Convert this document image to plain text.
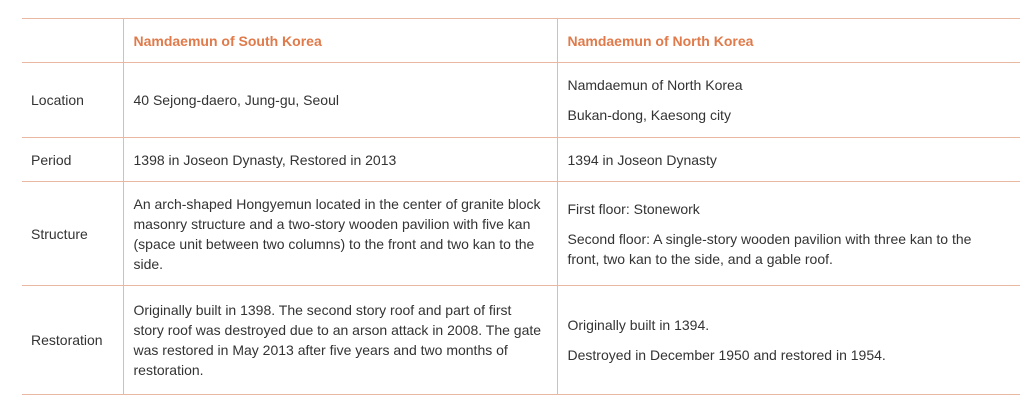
	Namdaemun of South Korea	Namdaemun of North Korea
Location	40 Sejong-daero, Jung-gu, Seoul	Namdaemun of North Korea
Bukan-dong, Kaesong city

Period	1398 in Joseon Dynasty, Restored in 2013	1394 in Joseon Dynasty
Structure	An arch-shaped Hongyemun located in the center of granite block masonry structure and a two-story wooden pavilion with five kan (space unit between two columns) to the front and two kan to the side.	First floor: Stonework
Second floor: A single-story wooden pavilion with three kan to the front, two kan to the side, and a gable roof.

Restoration	Originally built in 1398. The second story roof and part of first story roof was destroyed due to an arson attack in 2008. The gate was restored in May 2013 after five years and two months of restoration.	Originally built in 1394.
Destroyed in December 1950 and restored in 1954.
